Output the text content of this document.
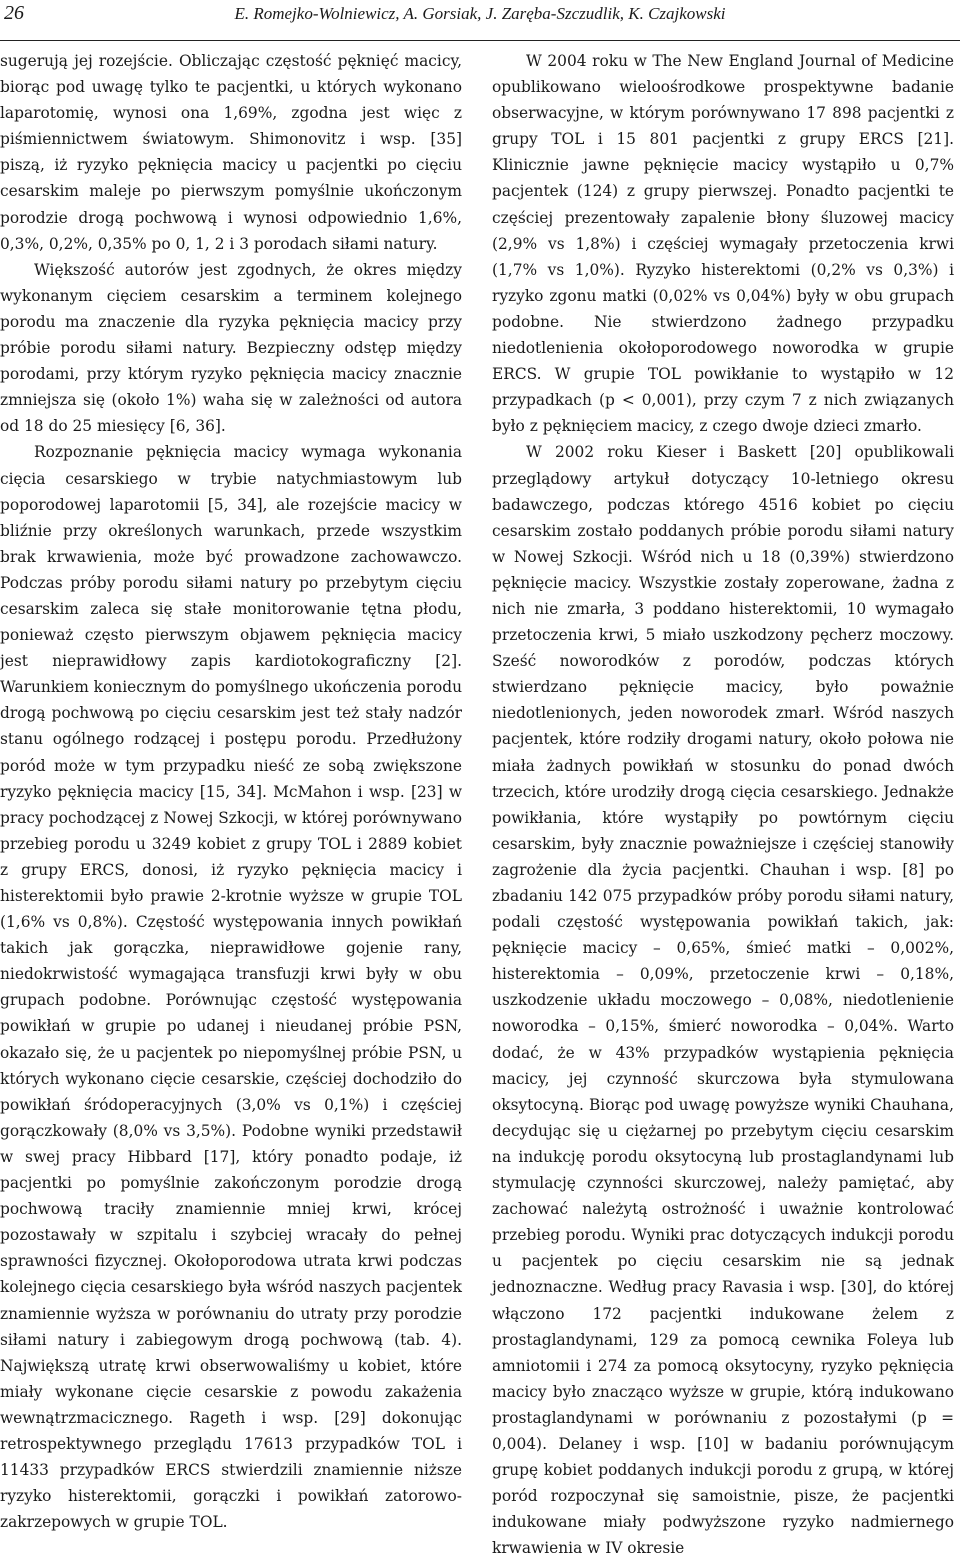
26	E. Romejko-Wolniewicz, A. Gorsiak, J. Zaręba-Szczudlik, K. Czajkowski

sugerują jej rozejście. Obliczając częstość pęknięć macicy, biorąc pod uwagę tylko te pacjentki, u których wykonano laparotomię, wynosi ona 1,69%, zgodna jest więc z piśmiennictwem światowym. Shimonovitz i wsp. [35] piszą, iż ryzyko pęknięcia macicy u pacjentki po cięciu cesarskim maleje po pierwszym pomyślnie ukończonym porodzie drogą pochwową i wynosi odpowiednio 1,6%, 0,3%, 0,2%, 0,35% po 0, 1, 2 i 3 porodach siłami natury.

Większość autorów jest zgodnych, że okres między wykonanym cięciem cesarskim a terminem kolejnego porodu ma znaczenie dla ryzyka pęknięcia macicy przy próbie porodu siłami natury. Bezpieczny odstęp między porodami, przy którym ryzyko pęknięcia macicy znacznie zmniejsza się (około 1%) waha się w zależności od autora od 18 do 25 miesięcy [6, 36].

Rozpoznanie pęknięcia macicy wymaga wykonania cięcia cesarskiego w trybie natychmiastowym lub poporodowej laparotomii [5, 34], ale rozejście macicy w bliźnie przy określonych warunkach, przede wszystkim brak krwawienia, może być prowadzone zachowawczo. Podczas próby porodu siłami natury po przebytym cięciu cesarskim zaleca się stałe monitorowanie tętna płodu, ponieważ często pierwszym objawem pęknięcia macicy jest nieprawidłowy zapis kardiotokograficzny [2]. Warunkiem koniecznym do pomyślnego ukończenia porodu drogą pochwową po cięciu cesarskim jest też stały nadzór stanu ogólnego rodzącej i postępu porodu. Przedłużony poród może w tym przypadku nieść ze sobą zwiększone ryzyko pęknięcia macicy [15, 34]. McMahon i wsp. [23] w pracy pochodzącej z Nowej Szkocji, w której porównywano przebieg porodu u 3249 kobiet z grupy TOL i 2889 kobiet z grupy ERCS, donosi, iż ryzyko pęknięcia macicy i histerektomii było prawie 2-krotnie wyższe w grupie TOL (1,6% vs 0,8%). Częstość występowania innych powikłań takich jak gorączka, nieprawidłowe gojenie rany, niedokrwistość wymagająca transfuzji krwi były w obu grupach podobne. Porównując częstość występowania powikłań w grupie po udanej i nieudanej próbie PSN, okazało się, że u pacjentek po niepomyślnej próbie PSN, u których wykonano cięcie cesarskie, częściej dochodziło do powikłań śródoperacyjnych (3,0% vs 0,1%) i częściej gorączkowały (8,0% vs 3,5%). Podobne wyniki przedstawił w swej pracy Hibbard [17], który ponadto podaje, iż pacjentki po pomyślnie zakończonym porodzie drogą pochwową traciły znamiennie mniej krwi, krócej pozostawały w szpitalu i szybciej wracały do pełnej sprawności fizycznej. Okołoporodowa utrata krwi podczas kolejnego cięcia cesarskiego była wśród naszych pacjentek znamiennie wyższa w porównaniu do utraty przy porodzie siłami natury i zabiegowym drogą pochwową (tab. 4). Największą utratę krwi obserwowaliśmy u kobiet, które miały wykonane cięcie cesarskie z powodu zakażenia wewnątrzmacicznego. Rageth i wsp. [29] dokonując retrospektywnego przeglądu 17613 przypadków TOL i 11433 przypadków ERCS stwierdzili znamiennie niższe ryzyko histerektomii, gorączki i powikłań zatorowo-zakrzepowych w grupie TOL.

W 2004 roku w The New England Journal of Medicine opublikowano wieloośrodkowe prospektywne badanie obserwacyjne, w którym porównywano 17 898 pacjentki z grupy TOL i 15 801 pacjentki z grupy ERCS [21]. Klinicznie jawne pęknięcie macicy wystąpiło u 0,7% pacjentek (124) z grupy pierwszej. Ponadto pacjentki te częściej prezentowały zapalenie błony śluzowej macicy (2,9% vs 1,8%) i częściej wymagały przetoczenia krwi (1,7% vs 1,0%). Ryzyko histerektomi (0,2% vs 0,3%) i ryzyko zgonu matki (0,02% vs 0,04%) były w obu grupach podobne. Nie stwierdzono żadnego przypadku niedotlenienia okołoporodowego noworodka w grupie ERCS. W grupie TOL powikłanie to wystąpiło w 12 przypadkach (p < 0,001), przy czym 7 z nich związanych było z pęknięciem macicy, z czego dwoje dzieci zmarło.

W 2002 roku Kieser i Baskett [20] opublikowali przeglądowy artykuł dotyczący 10-letniego okresu badawczego, podczas którego 4516 kobiet po cięciu cesarskim zostało poddanych próbie porodu siłami natury w Nowej Szkocji. Wśród nich u 18 (0,39%) stwierdzono pęknięcie macicy. Wszystkie zostały zoperowane, żadna z nich nie zmarła, 3 poddano histerektomii, 10 wymagało przetoczenia krwi, 5 miało uszkodzony pęcherz moczowy. Sześć noworodków z porodów, podczas których stwierdzano pęknięcie macicy, było poważnie niedotlenionych, jeden noworodek zmarł. Wśród naszych pacjentek, które rodziły drogami natury, około połowa nie miała żadnych powikłań w stosunku do ponad dwóch trzecich, które urodziły drogą cięcia cesarskiego. Jednakże powikłania, które wystąpiły po powtórnym cięciu cesarskim, były znacznie poważniejsze i częściej stanowiły zagrożenie dla życia pacjentki. Chauhan i wsp. [8] po zbadaniu 142 075 przypadków próby porodu siłami natury, podali częstość występowania powikłań takich, jak: pęknięcie macicy – 0,65%, śmieć matki – 0,002%, histerektomia – 0,09%, przetoczenie krwi – 0,18%, uszkodzenie układu moczowego – 0,08%, niedotlenienie noworodka – 0,15%, śmierć noworodka – 0,04%. Warto dodać, że w 43% przypadków wystąpienia pęknięcia macicy, jej czynność skurczowa była stymulowana oksytocyną. Biorąc pod uwagę powyższe wyniki Chauhana, decydując się u ciężarnej po przebytym cięciu cesarskim na indukcję porodu oksytocyną lub prostaglandynami lub stymulację czynności skurczowej, należy pamiętać, aby zachować należytą ostrożność i uważnie kontrolować przebieg porodu. Wyniki prac dotyczących indukcji porodu u pacjentek po cięciu cesarskim nie są jednak jednoznaczne. Według pracy Ravasia i wsp. [30], do której włączono 172 pacjentki indukowane żelem z prostaglandynami, 129 za pomocą cewnika Foleya lub amniotomii i 274 za pomocą oksytocyny, ryzyko pęknięcia macicy było znacząco wyższe w grupie, którą indukowano prostaglandynami w porównaniu z pozostałymi (p = 0,004). Delaney i wsp. [10] w badaniu porównującym grupę kobiet poddanych indukcji porodu z grupą, w której poród rozpoczynał się samoistnie, pisze, że pacjentki indukowane miały podwyższone ryzyko nadmiernego krwawienia w IV okresie
